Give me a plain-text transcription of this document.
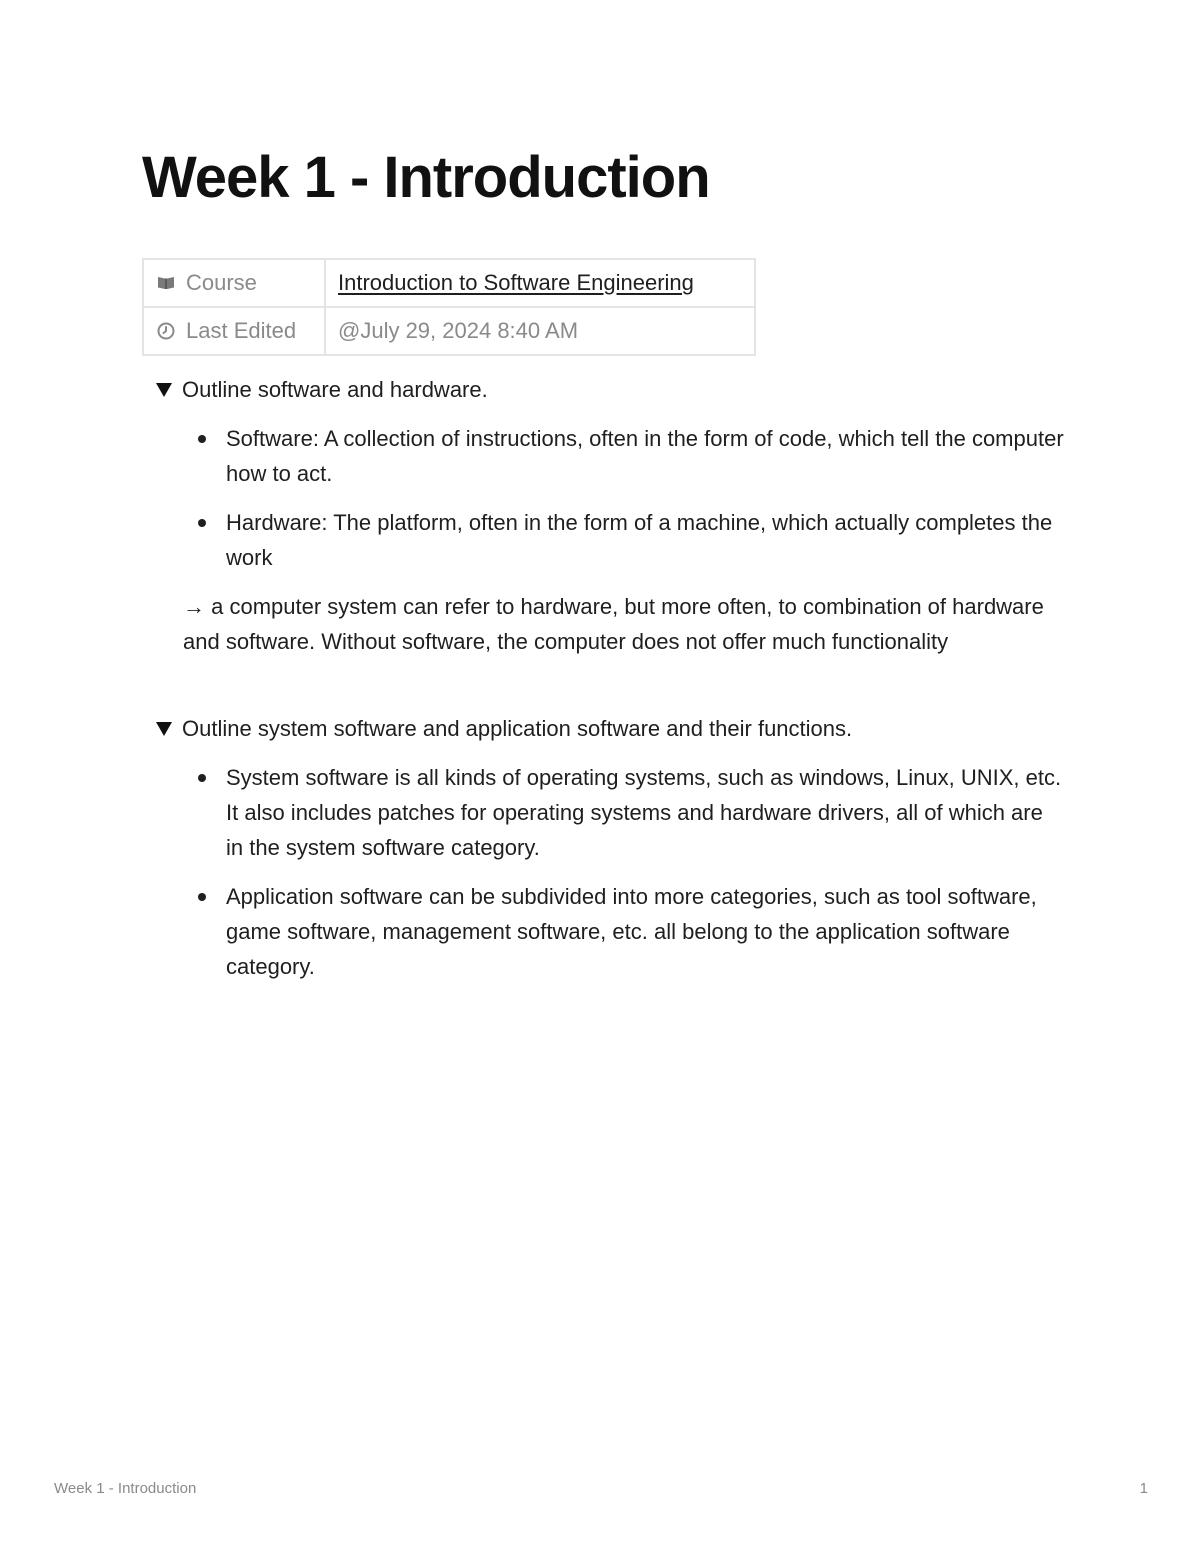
Week 1 - Introduction
Course	Introduction to Software Engineering

Last Edited	@July 29, 2024 8:40 AM
Outline software and hardware.
Software: A collection of instructions, often in the form of code, which tell the computer how to act.
Hardware: The platform, often in the form of a machine, which actually completes the work
→ a computer system can refer to hardware, but more often, to combination of hardware and software. Without software, the computer does not offer much functionality
Outline system software and application software and their functions.
System software is all kinds of operating systems, such as windows, Linux, UNIX, etc. It also includes patches for operating systems and hardware drivers, all of which are in the system software category.
Application software can be subdivided into more categories, such as tool software, game software, management software, etc. all belong to the application software category.
Week 1 - Introduction	1
